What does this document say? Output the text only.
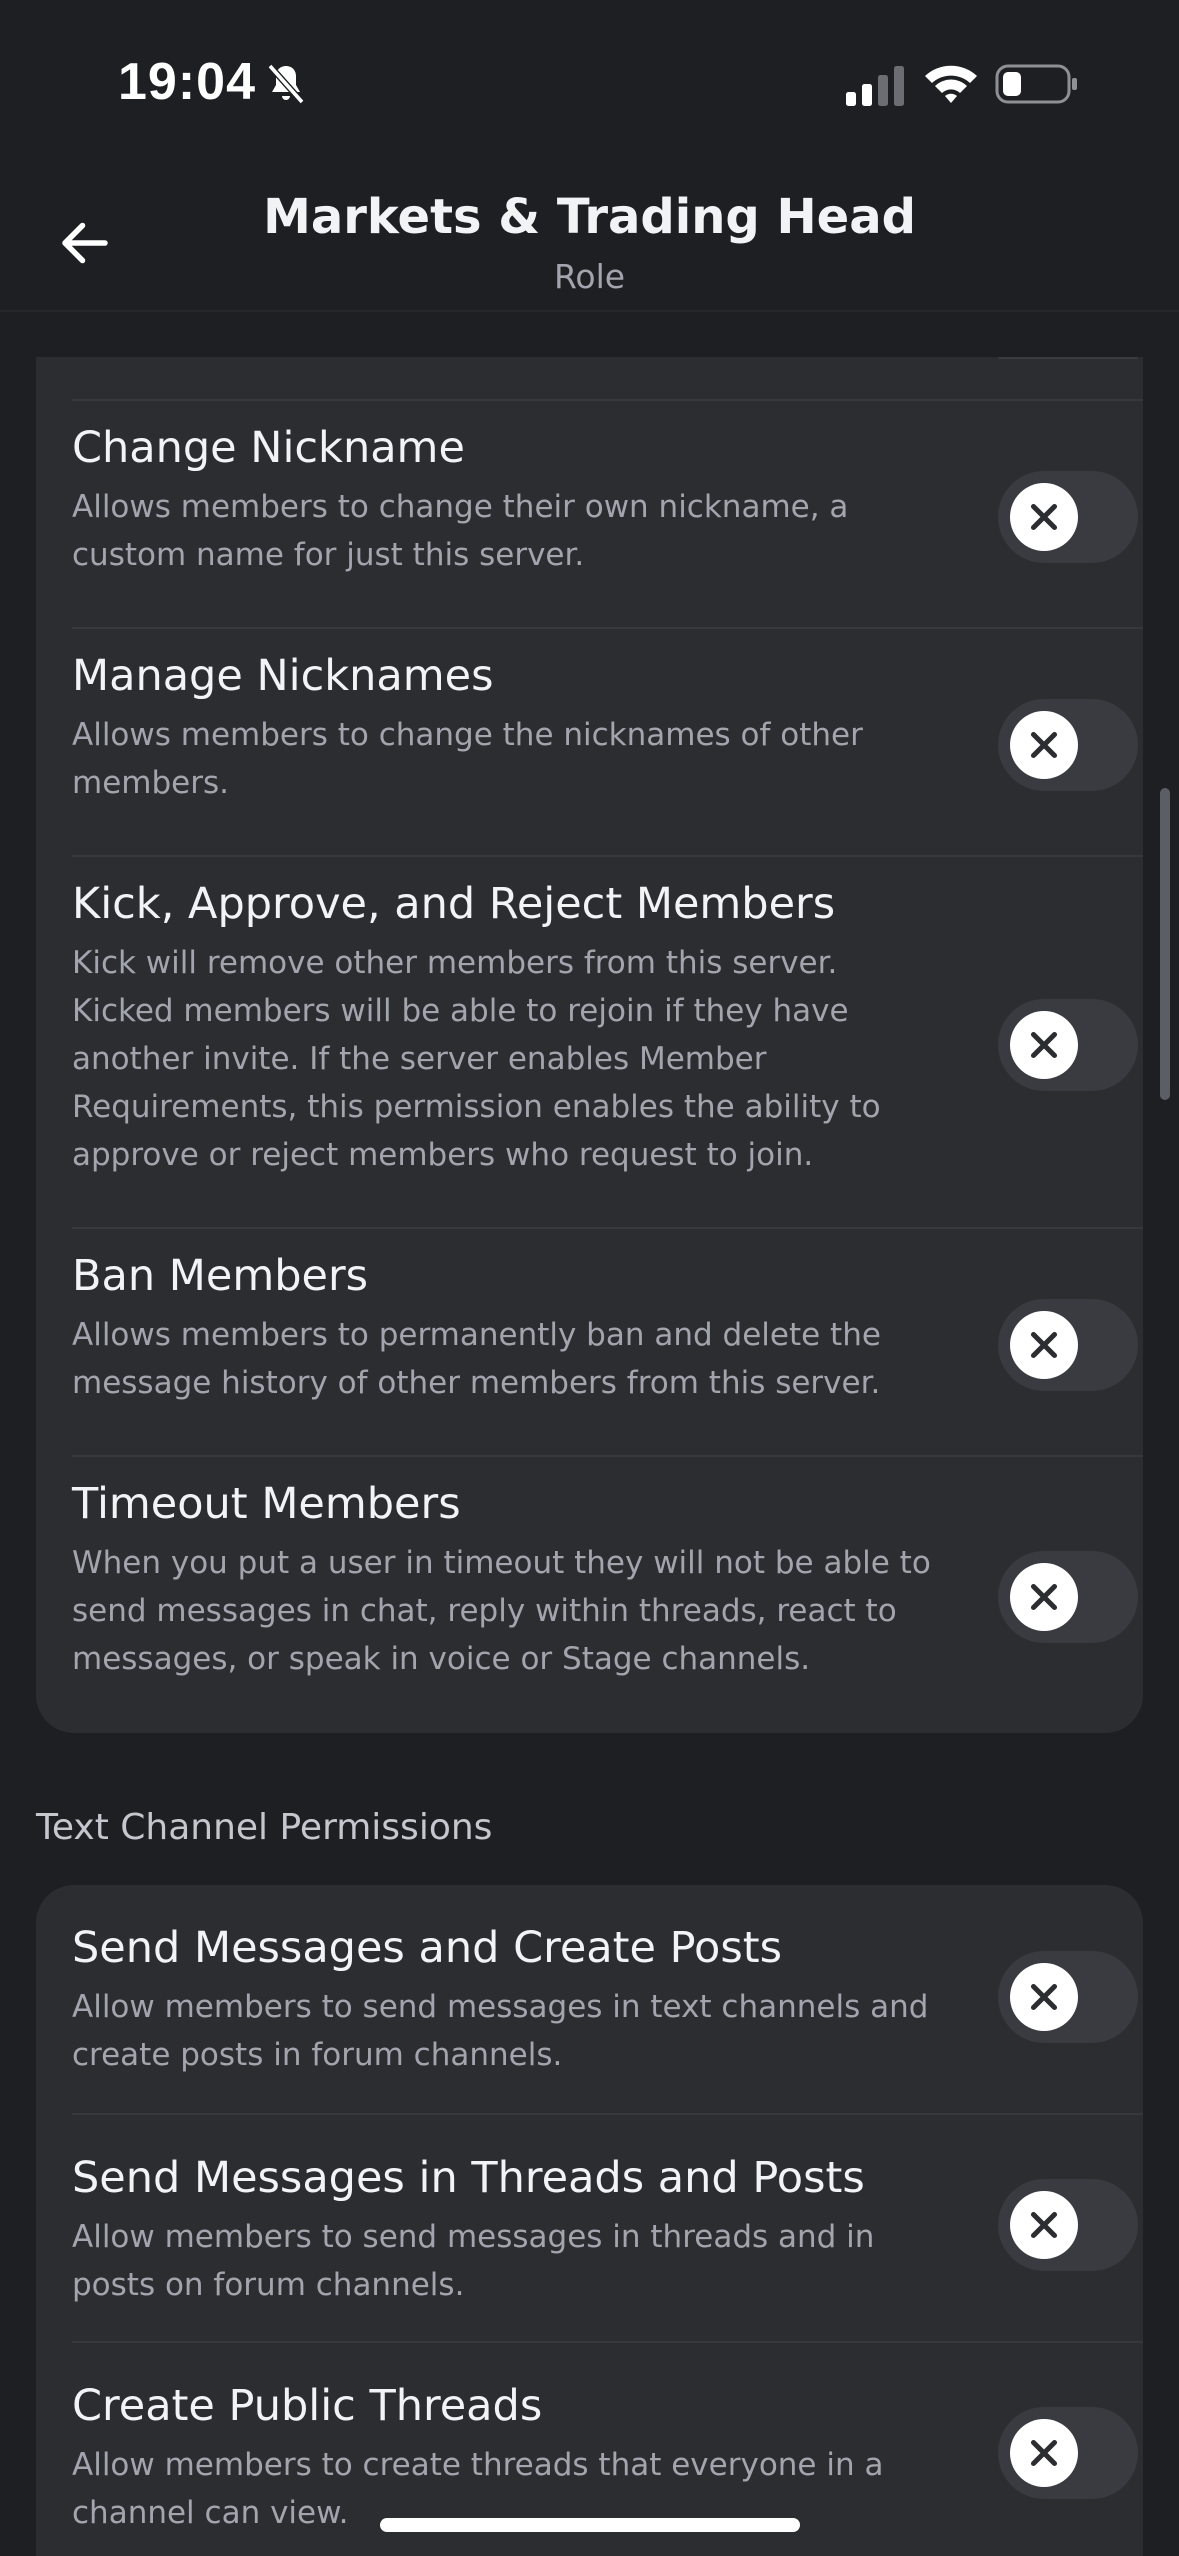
19:04
Markets & Trading Head
Role
Change Nickname
Allows members to change their own nickname, a custom name for just this server.
Manage Nicknames
Allows members to change the nicknames of other members.
Kick, Approve, and Reject Members
Kick will remove other members from this server. Kicked members will be able to rejoin if they have another invite. If the server enables Member Requirements, this permission enables the ability to approve or reject members who request to join.
Ban Members
Allows members to permanently ban and delete the message history of other members from this server.
Timeout Members
When you put a user in timeout they will not be able to send messages in chat, reply within threads, react to messages, or speak in voice or Stage channels.
Text Channel Permissions
Send Messages and Create Posts
Allow members to send messages in text channels and create posts in forum channels.
Send Messages in Threads and Posts
Allow members to send messages in threads and in posts on forum channels.
Create Public Threads
Allow members to create threads that everyone in a channel can view.
